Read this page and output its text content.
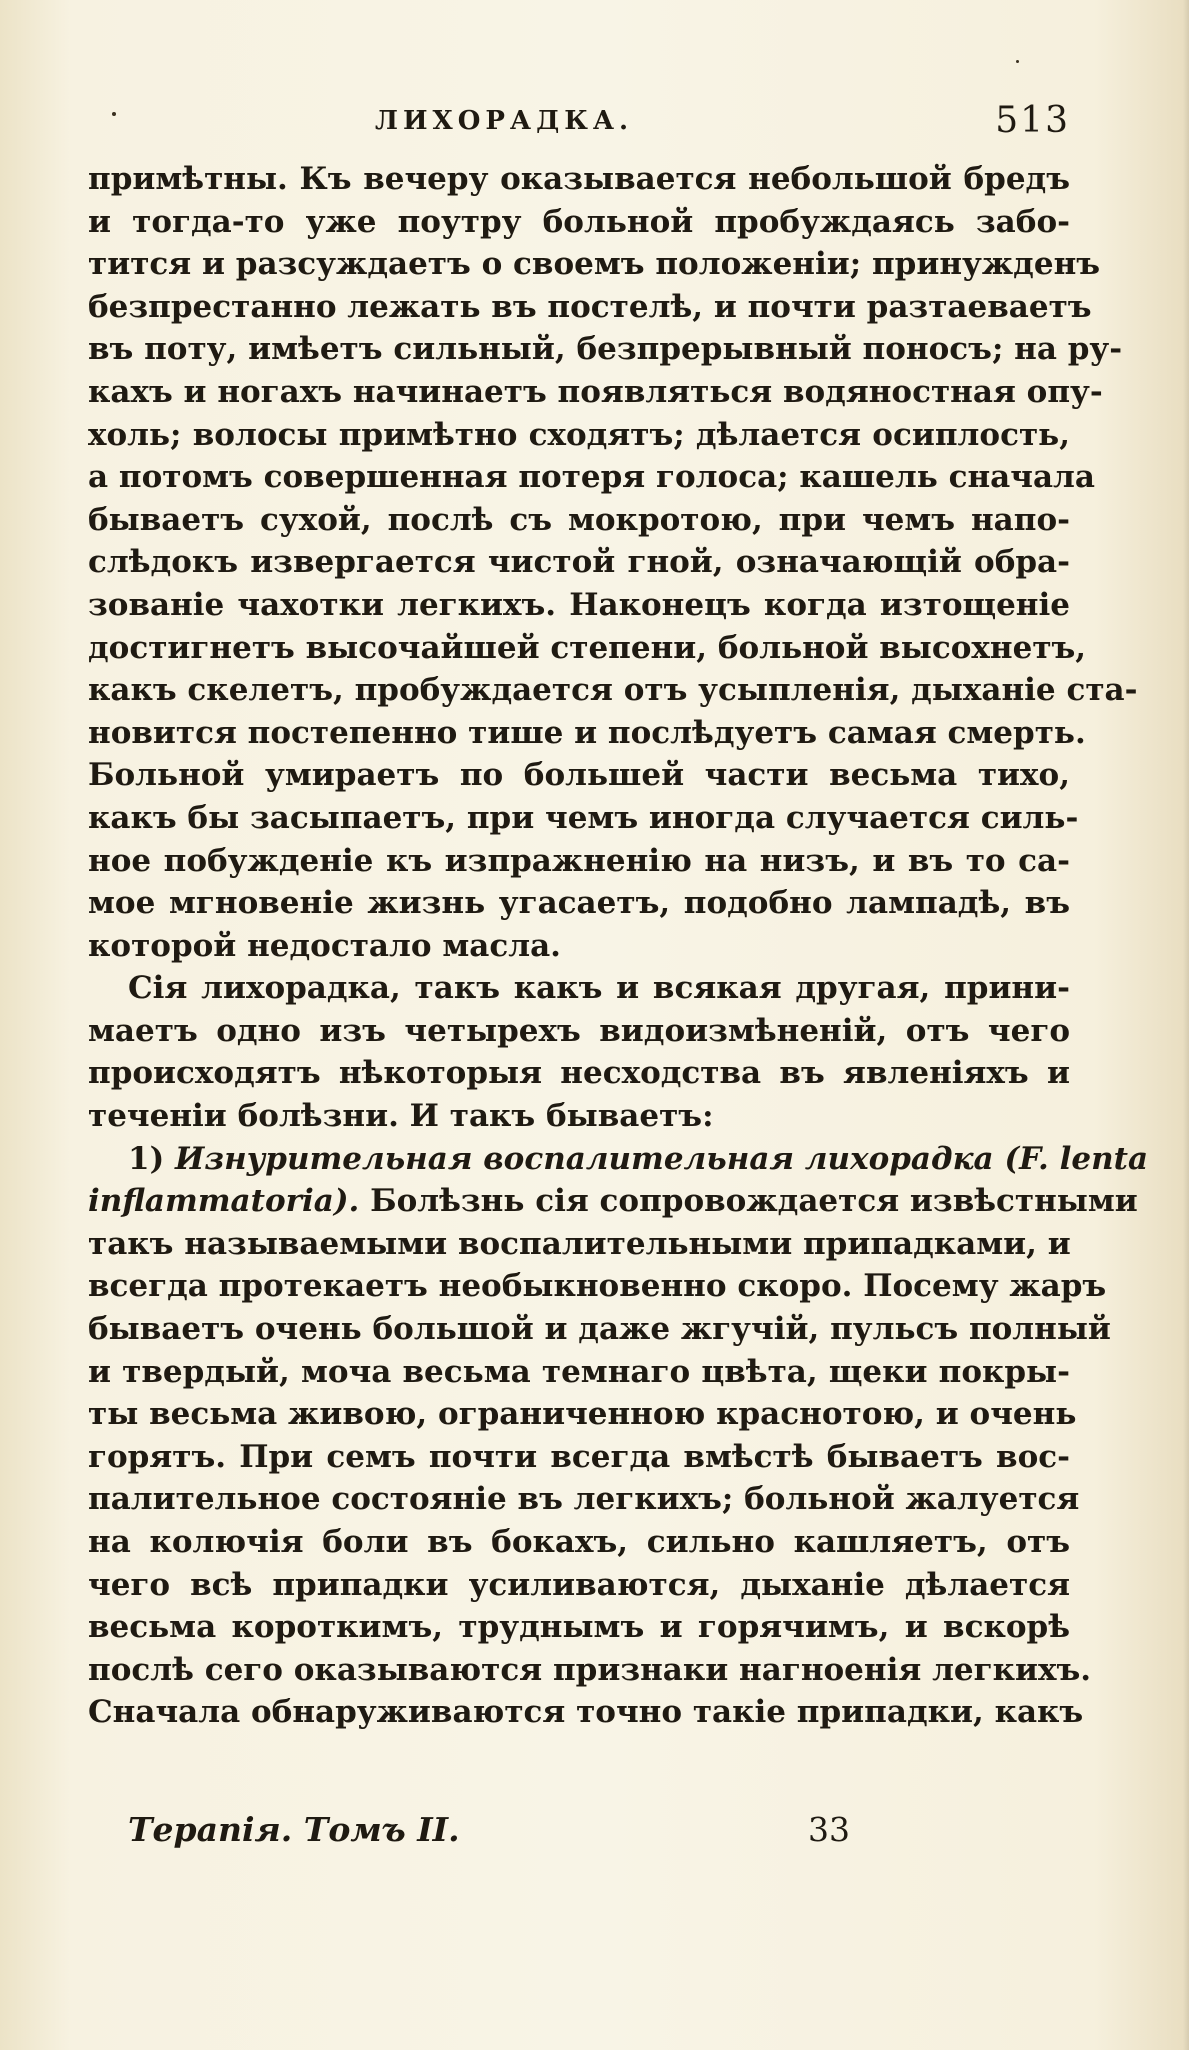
ЛИХОРАДКА.	513
примѣтны. Къ вечеру оказывается небольшой бредъ
и тогда-то уже поутру больной пробуждаясь забо-
тится и разсуждаетъ о своемъ положеніи; принужденъ
безпрестанно лежать въ постелѣ, и почти разтаеваетъ
въ поту, имѣетъ сильный, безпрерывный поносъ; на ру-
кахъ и ногахъ начинаетъ появляться водяностная опу-
холь; волосы примѣтно сходятъ; дѣлается осиплость,
а потомъ совершенная потеря голоса; кашель сначала
бываетъ сухой, послѣ съ мокротою, при чемъ напо-
слѣдокъ извергается чистой гной, означающій обра-
зованіе чахотки легкихъ. Наконецъ когда изтощеніе
достигнетъ высочайшей степени, больной высохнетъ,
какъ скелетъ, пробуждается отъ усыпленія, дыханіе ста-
новится постепенно тише и послѣдуетъ самая смерть.
Больной умираетъ по большей части весьма тихо,
какъ бы засыпаетъ, при чемъ иногда случается силь-
ное побужденіе къ изпражненію на низъ, и въ то са-
мое мгновеніе жизнь угасаетъ, подобно лампадѣ, въ
которой недостало масла.
Сія лихорадка, такъ какъ и всякая другая, прини-
маетъ одно изъ четырехъ видоизмѣненій, отъ чего
происходятъ нѣкоторыя несходства въ явленіяхъ и
теченіи болѣзни. И такъ бываетъ:
1) Изнурительная воспалительная лихорадка (F. lenta
inflammatoria). Болѣзнь сія сопровождается извѣстными
такъ называемыми воспалительными припадками, и
всегда протекаетъ необыкновенно скоро. Посему жаръ
бываетъ очень большой и даже жгучій, пульсъ полный
и твердый, моча весьма темнаго цвѣта, щеки покры-
ты весьма живою, ограниченною краснотою, и очень
горятъ. При семъ почти всегда вмѣстѣ бываетъ вос-
палительное состояніе въ легкихъ; больной жалуется
на колючія боли въ бокахъ, сильно кашляетъ, отъ
чего всѣ припадки усиливаются, дыханіе дѣлается
весьма короткимъ, труднымъ и горячимъ, и вскорѣ
послѣ сего оказываются признаки нагноенія легкихъ.
Сначала обнаруживаются точно такіе припадки, какъ
Терапія. Томъ II.	33
